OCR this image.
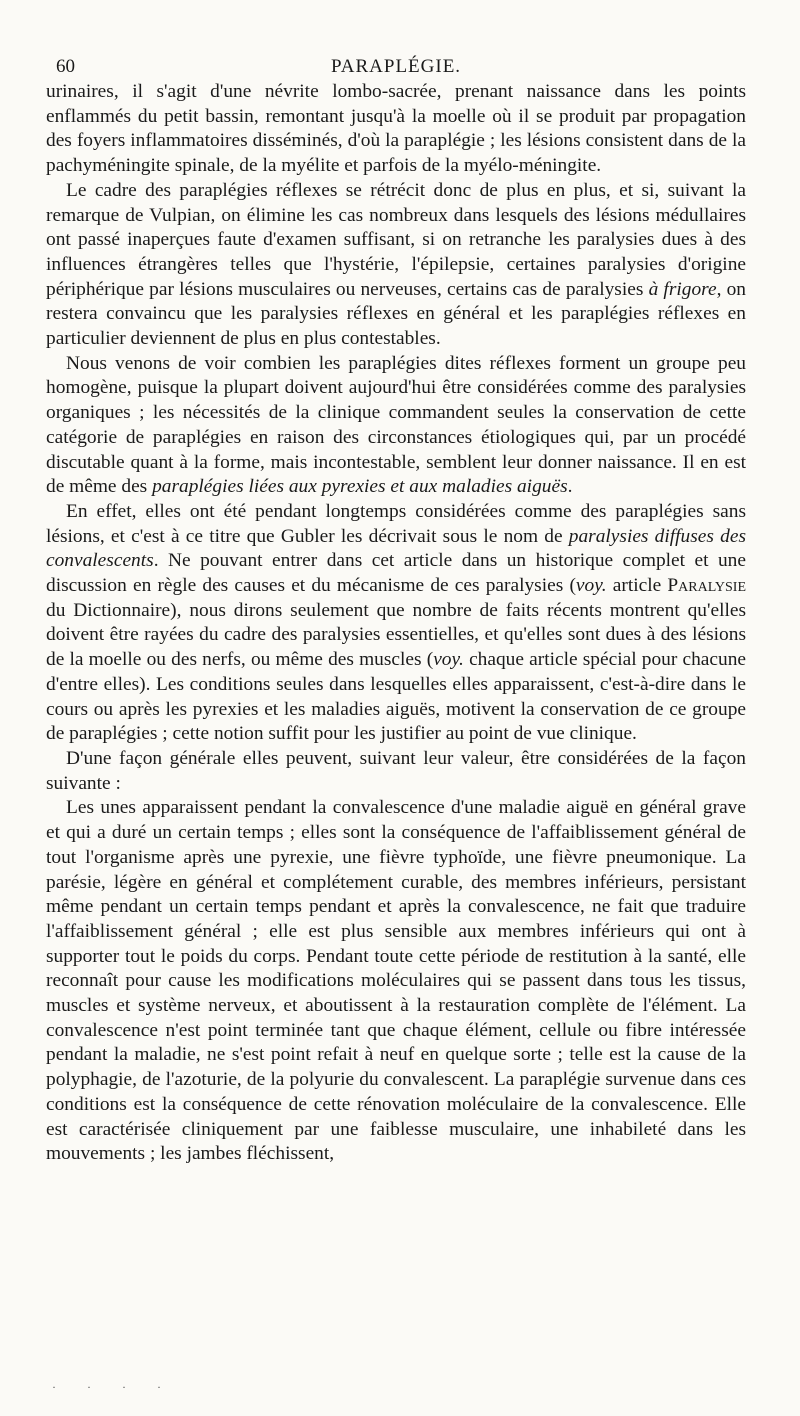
60	PARAPLÉGIE.

urinaires, il s'agit d'une névrite lombo-sacrée, prenant naissance dans les points enflammés du petit bassin, remontant jusqu'à la moelle où il se produit par propagation des foyers inflammatoires disséminés, d'où la paraplégie ; les lésions consistent dans de la pachyméningite spinale, de la myélite et parfois de la myélo-méningite.

Le cadre des paraplégies réflexes se rétrécit donc de plus en plus, et si, suivant la remarque de Vulpian, on élimine les cas nombreux dans lesquels des lésions médullaires ont passé inaperçues faute d'examen suffisant, si on retranche les paralysies dues à des influences étrangères telles que l'hystérie, l'épilepsie, certaines paralysies d'origine périphérique par lésions musculaires ou nerveuses, certains cas de paralysies à frigore, on restera convaincu que les paralysies réflexes en général et les paraplégies réflexes en particulier deviennent de plus en plus contestables.

Nous venons de voir combien les paraplégies dites réflexes forment un groupe peu homogène, puisque la plupart doivent aujourd'hui être considérées comme des paralysies organiques ; les nécessités de la clinique commandent seules la conservation de cette catégorie de paraplégies en raison des circonstances étiologiques qui, par un procédé discutable quant à la forme, mais incontestable, semblent leur donner naissance. Il en est de même des paraplégies liées aux pyrexies et aux maladies aiguës.

En effet, elles ont été pendant longtemps considérées comme des paraplégies sans lésions, et c'est à ce titre que Gubler les décrivait sous le nom de paralysies diffuses des convalescents. Ne pouvant entrer dans cet article dans un historique complet et une discussion en règle des causes et du mécanisme de ces paralysies (voy. article Paralysie du Dictionnaire), nous dirons seulement que nombre de faits récents montrent qu'elles doivent être rayées du cadre des paralysies essentielles, et qu'elles sont dues à des lésions de la moelle ou des nerfs, ou même des muscles (voy. chaque article spécial pour chacune d'entre elles). Les conditions seules dans lesquelles elles apparaissent, c'est-à-dire dans le cours ou après les pyrexies et les maladies aiguës, motivent la conservation de ce groupe de paraplégies ; cette notion suffit pour les justifier au point de vue clinique.

D'une façon générale elles peuvent, suivant leur valeur, être considérées de la façon suivante :

Les unes apparaissent pendant la convalescence d'une maladie aiguë en général grave et qui a duré un certain temps ; elles sont la conséquence de l'affaiblissement général de tout l'organisme après une pyrexie, une fièvre typhoïde, une fièvre pneumonique. La parésie, légère en général et complétement curable, des membres inférieurs, persistant même pendant un certain temps pendant et après la convalescence, ne fait que traduire l'affaiblissement général ; elle est plus sensible aux membres inférieurs qui ont à supporter tout le poids du corps. Pendant toute cette période de restitution à la santé, elle reconnaît pour cause les modifications moléculaires qui se passent dans tous les tissus, muscles et système nerveux, et aboutissent à la restauration complète de l'élément. La convalescence n'est point terminée tant que chaque élément, cellule ou fibre intéressée pendant la maladie, ne s'est point refait à neuf en quelque sorte ; telle est la cause de la polyphagie, de l'azoturie, de la polyurie du convalescent. La paraplégie survenue dans ces conditions est la conséquence de cette rénovation moléculaire de la convalescence. Elle est caractérisée cliniquement par une faiblesse musculaire, une inhabileté dans les mouvements ; les jambes fléchissent,

· · · ·
